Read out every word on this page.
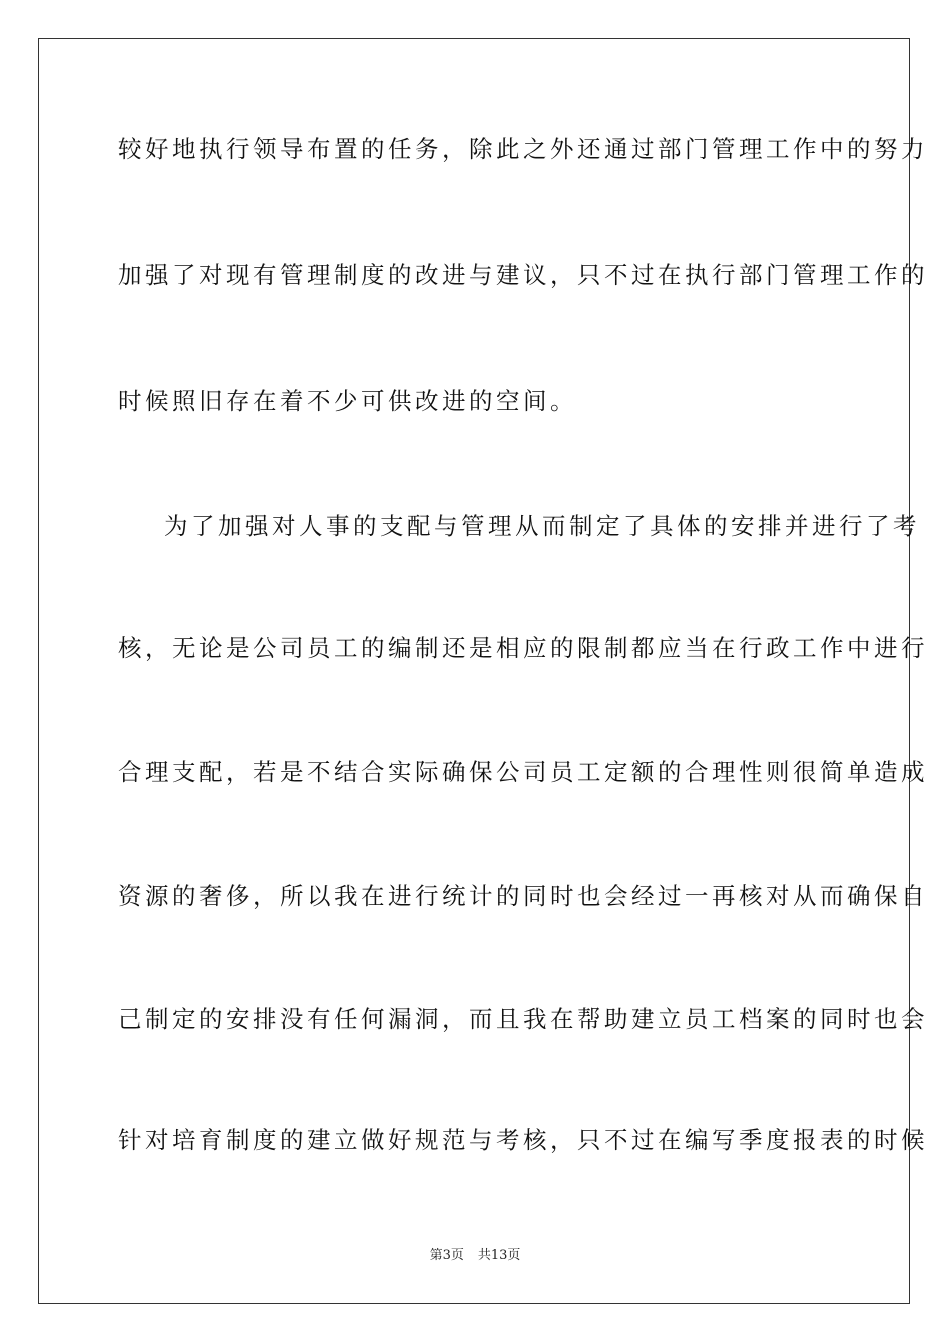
较好地执行领导布置的任务，除此之外还通过部门管理工作中的努力
加强了对现有管理制度的改进与建议，只不过在执行部门管理工作的
时候照旧存在着不少可供改进的空间。
为了加强对人事的支配与管理从而制定了具体的安排并进行了考
核，无论是公司员工的编制还是相应的限制都应当在行政工作中进行
合理支配，若是不结合实际确保公司员工定额的合理性则很简单造成
资源的奢侈，所以我在进行统计的同时也会经过一再核对从而确保自
己制定的安排没有任何漏洞，而且我在帮助建立员工档案的同时也会
针对培育制度的建立做好规范与考核，只不过在编写季度报表的时候
第3页 共13页
